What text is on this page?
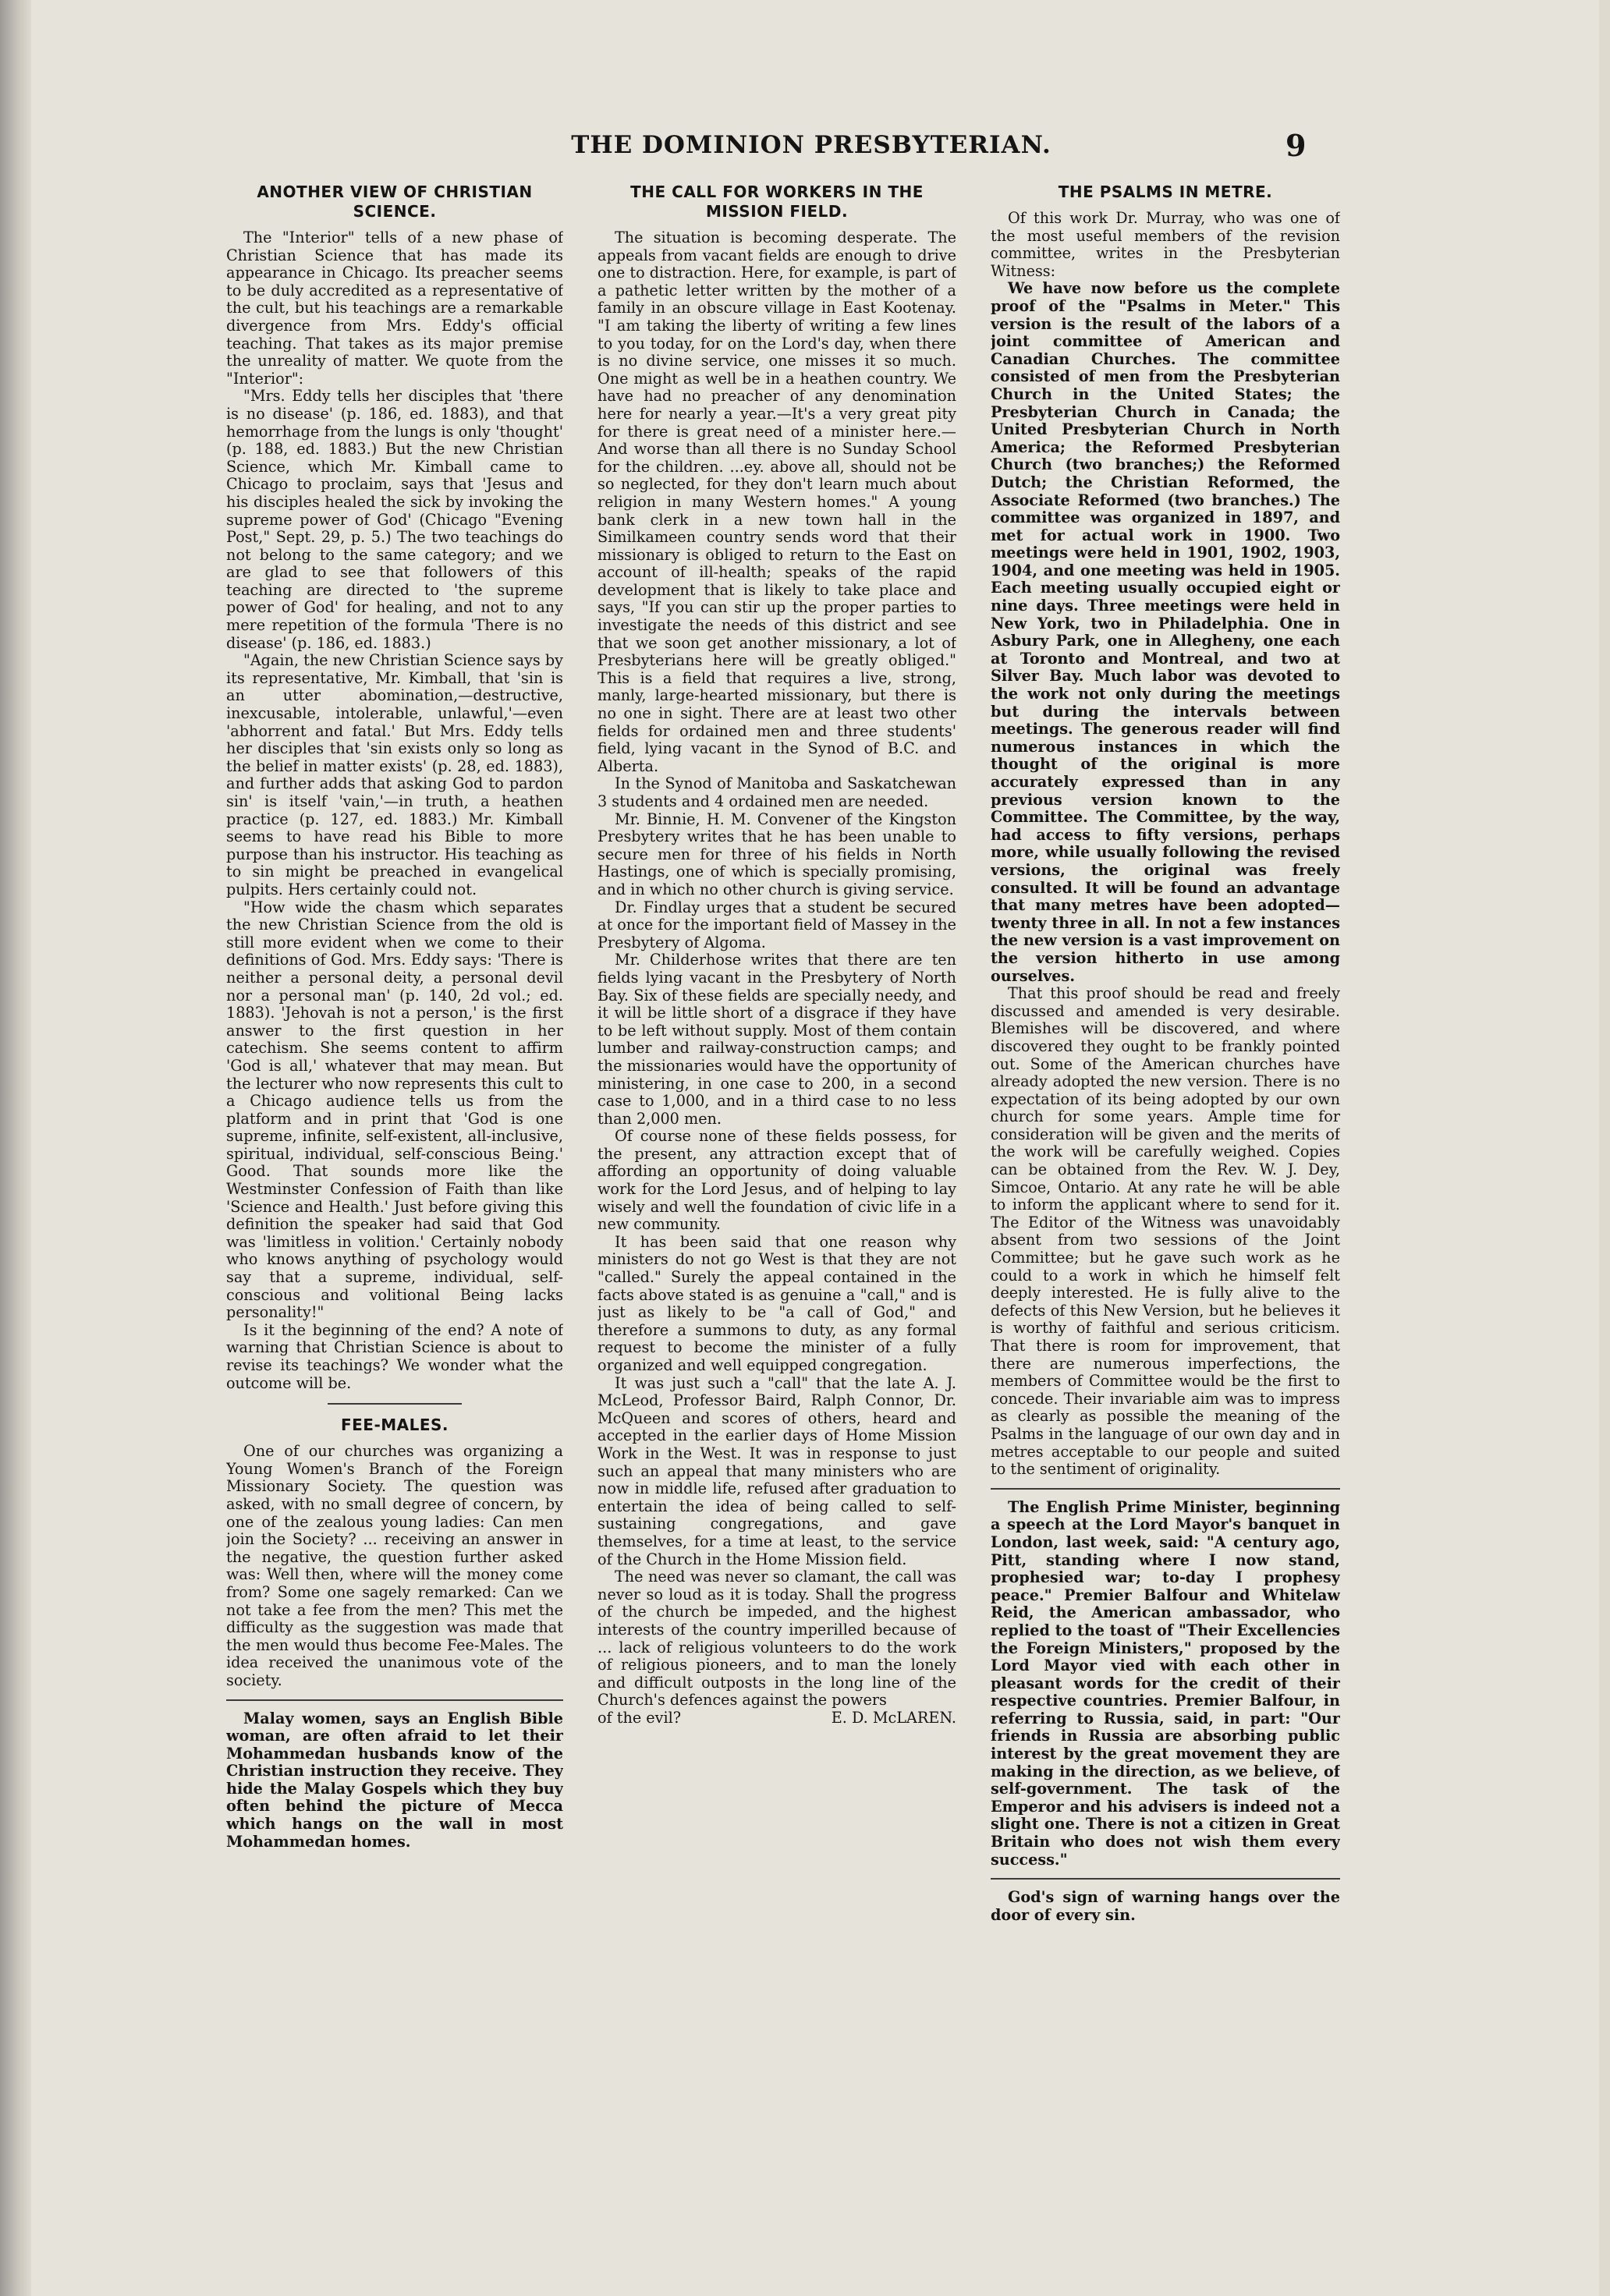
THE DOMINION PRESBYTERIAN.	9
ANOTHER VIEW OF CHRISTIAN SCIENCE.

The "Interior" tells of a new phase of Christian Science that has made its appearance in Chicago. Its preacher seems to be duly accredited as a representative of the cult, but his teachings are a remarkable divergence from Mrs. Eddy's official teaching. That takes as its major premise the unreality of matter. We quote from the "Interior":

"Mrs. Eddy tells her disciples that 'there is no disease' (p. 186, ed. 1883), and that hemorrhage from the lungs is only 'thought' (p. 188, ed. 1883.) But the new Christian Science, which Mr. Kimball came to Chicago to proclaim, says that 'Jesus and his disciples healed the sick by invoking the supreme power of God' (Chicago "Evening Post," Sept. 29, p. 5.) The two teachings do not belong to the same category; and we are glad to see that followers of this teaching are directed to 'the supreme power of God' for healing, and not to any mere repetition of the formula 'There is no disease' (p. 186, ed. 1883.)

"Again, the new Christian Science says by its representative, Mr. Kimball, that 'sin is an utter abomination,—destructive, inexcusable, intolerable, unlawful,'—even 'abhorrent and fatal.' But Mrs. Eddy tells her disciples that 'sin exists only so long as the belief in matter exists' (p. 28, ed. 1883), and further adds that asking God to pardon sin' is itself 'vain,'—in truth, a heathen practice (p. 127, ed. 1883.) Mr. Kimball seems to have read his Bible to more purpose than his instructor. His teaching as to sin might be preached in evangelical pulpits. Hers certainly could not.

"How wide the chasm which separates the new Christian Science from the old is still more evident when we come to their definitions of God. Mrs. Eddy says: 'There is neither a personal deity, a personal devil nor a personal man' (p. 140, 2d vol.; ed. 1883). 'Jehovah is not a person,' is the first answer to the first question in her catechism. She seems content to affirm 'God is all,' whatever that may mean. But the lecturer who now represents this cult to a Chicago audience tells us from the platform and in print that 'God is one supreme, infinite, self-existent, all-inclusive, spiritual, individual, self-conscious Being.' Good. That sounds more like the Westminster Confession of Faith than like 'Science and Health.' Just before giving this definition the speaker had said that God was 'limitless in volition.' Certainly nobody who knows anything of psychology would say that a supreme, individual, self-conscious and volitional Being lacks personality!"

Is it the beginning of the end? A note of warning that Christian Science is about to revise its teachings? We wonder what the outcome will be.

FEE-MALES.

One of our churches was organizing a Young Women's Branch of the Foreign Missionary Society. The question was asked, with no small degree of concern, by one of the zealous young ladies: Can men join the Society? ... receiving an answer in the negative, the question further asked was: Well then, where will the money come from? Some one sagely remarked: Can we not take a fee from the men? This met the difficulty as the suggestion was made that the men would thus become Fee-Males. The idea received the unanimous vote of the society.

Malay women, says an English Bible woman, are often afraid to let their Mohammedan husbands know of the Christian instruction they receive. They hide the Malay Gospels which they buy often behind the picture of Mecca which hangs on the wall in most Mohammedan homes.

THE CALL FOR WORKERS IN THE MISSION FIELD.

The situation is becoming desperate. The appeals from vacant fields are enough to drive one to distraction. Here, for example, is part of a pathetic letter written by the mother of a family in an obscure village in East Kootenay. "I am taking the liberty of writing a few lines to you today, for on the Lord's day, when there is no divine service, one misses it so much. One might as well be in a heathen country. We have had no preacher of any denomination here for nearly a year.—It's a very great pity for there is great need of a minister here.—And worse than all there is no Sunday School for the children. ...ey. above all, should not be so neglected, for they don't learn much about religion in many Western homes." A young bank clerk in a new town hall in the Similkameen country sends word that their missionary is obliged to return to the East on account of ill-health; speaks of the rapid development that is likely to take place and says, "If you can stir up the proper parties to investigate the needs of this district and see that we soon get another missionary, a lot of Presbyterians here will be greatly obliged." This is a field that requires a live, strong, manly, large-hearted missionary, but there is no one in sight. There are at least two other fields for ordained men and three students' field, lying vacant in the Synod of B.C. and Alberta.

In the Synod of Manitoba and Saskatchewan 3 students and 4 ordained men are needed.

Mr. Binnie, H. M. Convener of the Kingston Presbytery writes that he has been unable to secure men for three of his fields in North Hastings, one of which is specially promising, and in which no other church is giving service.

Dr. Findlay urges that a student be secured at once for the important field of Massey in the Presbytery of Algoma.

Mr. Childerhose writes that there are ten fields lying vacant in the Presbytery of North Bay. Six of these fields are specially needy, and it will be little short of a disgrace if they have to be left without supply. Most of them contain lumber and railway-construction camps; and the missionaries would have the opportunity of ministering, in one case to 200, in a second case to 1,000, and in a third case to no less than 2,000 men.

Of course none of these fields possess, for the present, any attraction except that of affording an opportunity of doing valuable work for the Lord Jesus, and of helping to lay wisely and well the foundation of civic life in a new community.

It has been said that one reason why ministers do not go West is that they are not "called." Surely the appeal contained in the facts above stated is as genuine a "call," and is just as likely to be "a call of God," and therefore a summons to duty, as any formal request to become the minister of a fully organized and well equipped congregation.

It was just such a "call" that the late A. J. McLeod, Professor Baird, Ralph Connor, Dr. McQueen and scores of others, heard and accepted in the earlier days of Home Mission Work in the West. It was in response to just such an appeal that many ministers who are now in middle life, refused after graduation to entertain the idea of being called to self-sustaining congregations, and gave themselves, for a time at least, to the service of the Church in the Home Mission field.

The need was never so clamant, the call was never so loud as it is today. Shall the progress of the church be impeded, and the highest interests of the country imperilled because of ... lack of religious volunteers to do the work of religious pioneers, and to man the lonely and difficult outposts in the long line of the Church's defences against the powers

of the evil?	E. D. McLAREN.
THE PSALMS IN METRE.

Of this work Dr. Murray, who was one of the most useful members of the revision committee, writes in the Presbyterian Witness:

We have now before us the complete proof of the "Psalms in Meter." This version is the result of the labors of a joint committee of American and Canadian Churches. The committee consisted of men from the Presbyterian Church in the United States; the Presbyterian Church in Canada; the United Presbyterian Church in North America; the Reformed Presbyterian Church (two branches;) the Reformed Dutch; the Christian Reformed, the Associate Reformed (two branches.) The committee was organized in 1897, and met for actual work in 1900. Two meetings were held in 1901, 1902, 1903, 1904, and one meeting was held in 1905. Each meeting usually occupied eight or nine days. Three meetings were held in New York, two in Philadelphia. One in Asbury Park, one in Allegheny, one each at Toronto and Montreal, and two at Silver Bay. Much labor was devoted to the work not only during the meetings but during the intervals between meetings. The generous reader will find numerous instances in which the thought of the original is more accurately expressed than in any previous version known to the Committee. The Committee, by the way, had access to fifty versions, perhaps more, while usually following the revised versions, the original was freely consulted. It will be found an advantage that many metres have been adopted—twenty three in all. In not a few instances the new version is a vast improvement on the version hitherto in use among ourselves.

That this proof should be read and freely discussed and amended is very desirable. Blemishes will be discovered, and where discovered they ought to be frankly pointed out. Some of the American churches have already adopted the new version. There is no expectation of its being adopted by our own church for some years. Ample time for consideration will be given and the merits of the work will be carefully weighed. Copies can be obtained from the Rev. W. J. Dey, Simcoe, Ontario. At any rate he will be able to inform the applicant where to send for it. The Editor of the Witness was unavoidably absent from two sessions of the Joint Committee; but he gave such work as he could to a work in which he himself felt deeply interested. He is fully alive to the defects of this New Version, but he believes it is worthy of faithful and serious criticism. That there is room for improvement, that there are numerous imperfections, the members of Committee would be the first to concede. Their invariable aim was to impress as clearly as possible the meaning of the Psalms in the language of our own day and in metres acceptable to our people and suited to the sentiment of originality.

The English Prime Minister, beginning a speech at the Lord Mayor's banquet in London, last week, said: "A century ago, Pitt, standing where I now stand, prophesied war; to-day I prophesy peace." Premier Balfour and Whitelaw Reid, the American ambassador, who replied to the toast of "Their Excellencies the Foreign Ministers," proposed by the Lord Mayor vied with each other in pleasant words for the credit of their respective countries. Premier Balfour, in referring to Russia, said, in part: "Our friends in Russia are absorbing public interest by the great movement they are making in the direction, as we believe, of self-government. The task of the Emperor and his advisers is indeed not a slight one. There is not a citizen in Great Britain who does not wish them every success."

God's sign of warning hangs over the door of every sin.
